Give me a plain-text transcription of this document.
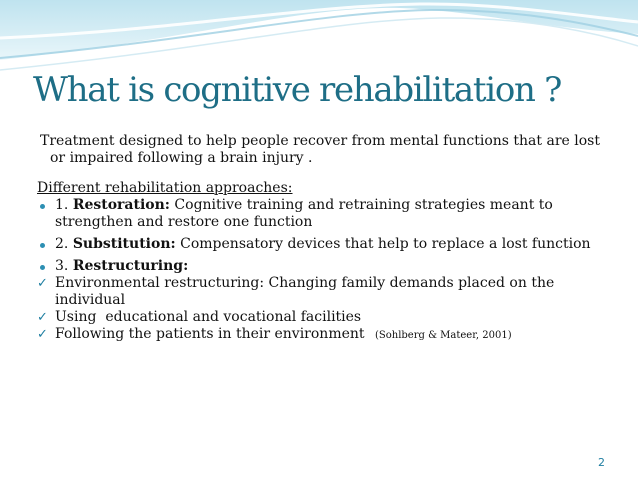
What is cognitive rehabilitation ?

Treatment designed to help people recover from mental functions that are lost or impaired following a brain injury .

Different rehabilitation approaches:

1. Restoration: Cognitive training and retraining strategies meant to strengthen and restore one function
2. Substitution: Compensatory devices that help to replace a lost function
3. Restructuring:
✓ Environmental restructuring: Changing family demands placed on the individual
✓ Using  educational and vocational facilities
✓ Following the patients in their environment (Sohlberg & Mateer, 2001)
2
